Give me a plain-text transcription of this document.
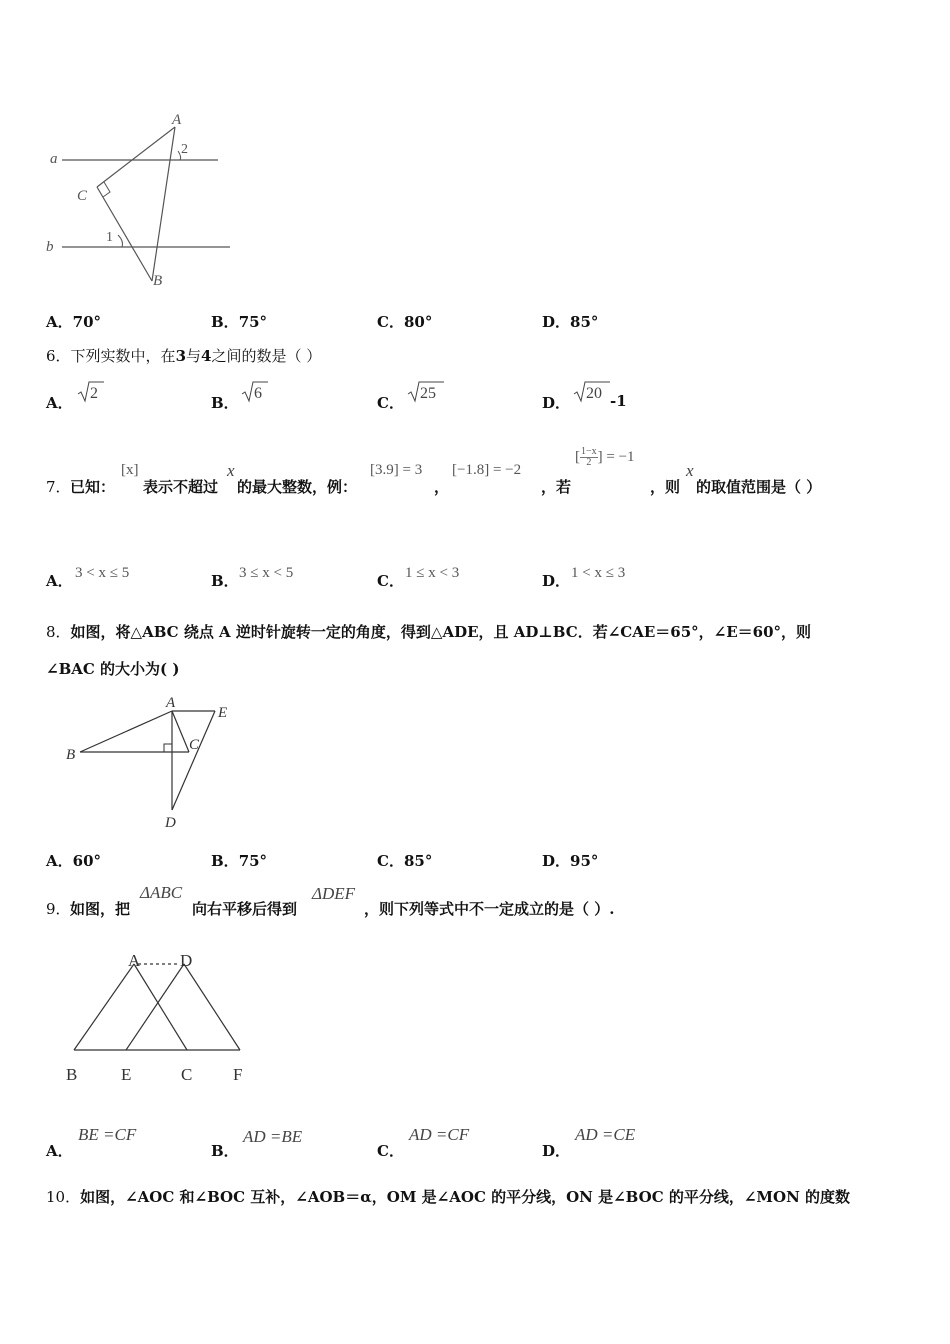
a
b
A
B
C
1
2
A．70°	B．75°	C．80°	D．85°
6．下列实数中，在3与4之间的数是（ ）
A．
2
B．
6
C．
25
D．
20 -1
7． 已知：
[x]
表示不超过
x
的最大整数，例：
[3.9] = 3
，
[−1.8] = −2
，若
[ $\frac{1-x}{2}$ ] = −1
，则
x
的取值范围是（ ）
A． 3 < x ≤ 5	B． 3 ≤ x < 5	C． 1 ≤ x < 3	D． 1 < x ≤ 3
8．如图，将△ABC 绕点 A 逆时针旋转一定的角度，得到△ADE，且 AD⊥BC．若∠CAE＝65°，∠E＝60°，则
∠BAC 的大小为( )
A
B
C
D
E
A．60°	B．75°	C．85°	D．95°
9． 如图，把
ΔABC
向右平移后得到
ΔDEF
，则下列等式中不一定成立的是（ ）.
A D
B	E	C F
A．
BE =CF
B．
AD =BE
C．
AD =CF
D．
AD =CE
10．如图，∠AOC 和∠BOC 互补，∠AOB＝α，OM 是∠AOC 的平分线，ON 是∠BOC 的平分线，∠MON 的度数
